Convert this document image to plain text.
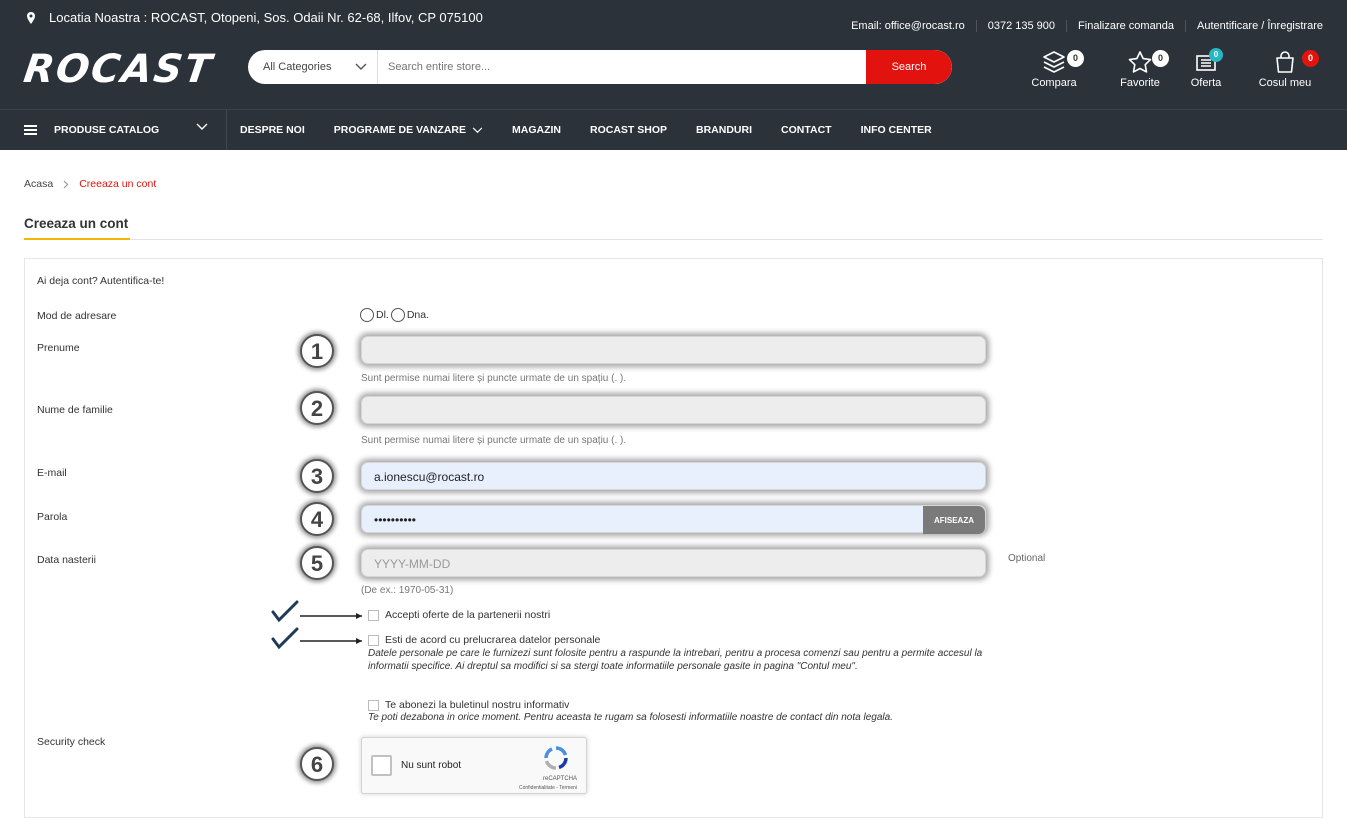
Locatia Noastra : ROCAST, Otopeni, Sos. Odaii Nr. 62-68, Ilfov, CP 075100
Email: office@rocast.ro	0372 135 900	Finalizare comanda	Autentificare / Înregistrare
ROCAST	All Categories
Search entire store...	Search
0
Compara
0
Favorite
0
Oferta
0
Cosul meu
PRODUSE CATALOG	DESPRE NOI	PROGRAME DE VANZARE	MAGAZIN	ROCAST SHOP	BRANDURI	CONTACT	INFO CENTER
Acasa Creeaza un cont
Creeaza un cont
Ai deja cont? Autentifica-te!
Mod de adresare	Dl. Dna.
Prenume	1
Sunt permise numai litere și puncte urmate de un spațiu (. ).
Nume de familie	2
Sunt permise numai litere și puncte urmate de un spațiu (. ).
E-mail	3	a.ionescu@rocast.ro
Parola	4	••••••••••	AFISEAZA
Data nasterii	5	YYYY-MM-DD	Optional
(De ex.: 1970-05-31)
Accepti oferte de la partenerii nostri
Esti de acord cu prelucrarea datelor personale
Datele personale pe care le furnizezi sunt folosite pentru a raspunde la intrebari, pentru a procesa comenzi sau pentru a permite accesul la informatii specifice. Ai dreptul sa modifici si sa stergi toate informatiile personale gasite in pagina "Contul meu".
Te abonezi la buletinul nostru informativ
Te poti dezabona in orice moment. Pentru aceasta te rugam sa folosesti informatiile noastre de contact din nota legala.
Security check
6	Nu sunt robot
reCAPTCHA
Confidentialitate - Termeni
